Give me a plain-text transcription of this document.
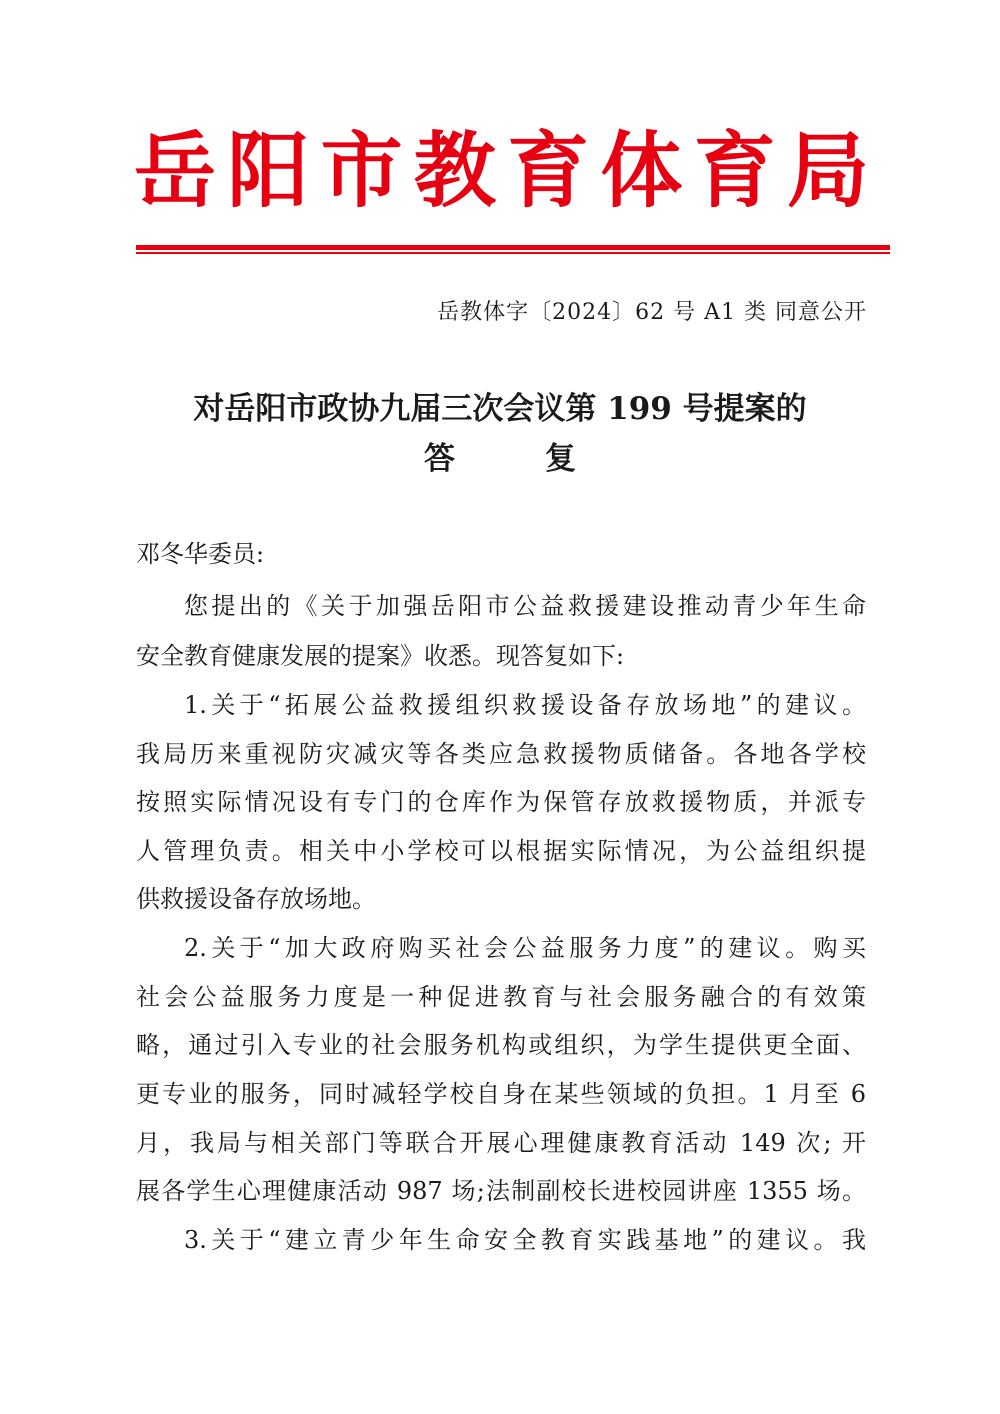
岳 阳 市 教 育 体 育 局
岳教体字〔2024〕62 号 A1 类 同意公开
对岳阳市政协九届三次会议第 199 号提案的
答复
邓冬华委员:
您提出的《关于加强岳阳市公益救援建设推动青少年生命
安全教育健康发展的提案》收悉。现答复如下:
1.关于“拓展公益救援组织救援设备存放场地”的建议。
我局历来重视防灾减灾等各类应急救援物质储备。各地各学校
按照实际情况设有专门的仓库作为保管存放救援物质，并派专
人管理负责。相关中小学校可以根据实际情况，为公益组织提
供救援设备存放场地。
2.关于“加大政府购买社会公益服务力度”的建议。购买
社会公益服务力度是一种促进教育与社会服务融合的有效策
略，通过引入专业的社会服务机构或组织，为学生提供更全面、
更专业的服务，同时减轻学校自身在某些领域的负担。1 月至 6
月，我局与相关部门等联合开展心理健康教育活动 149 次; 开
展各学生心理健康活动 987 场;法制副校长进校园讲座 1355 场。
3.关于“建立青少年生命安全教育实践基地”的建议。我
